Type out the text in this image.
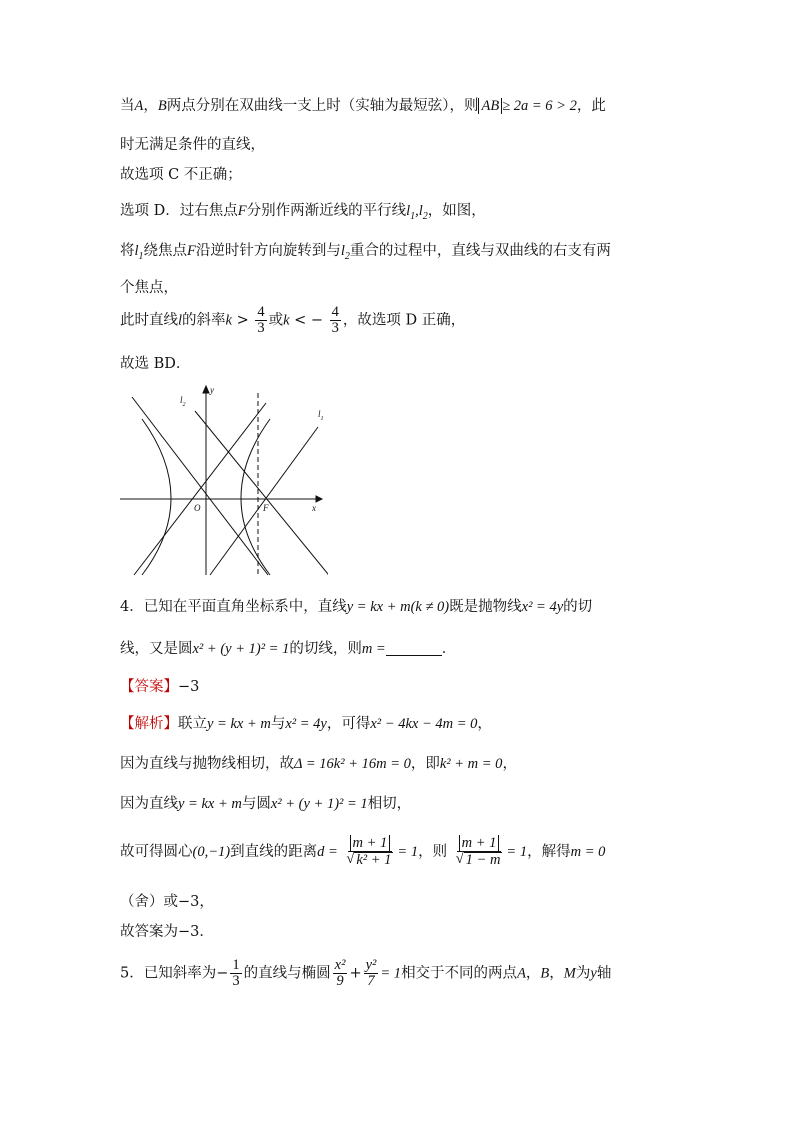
当A，B两点分别在双曲线一支上时（实轴为最短弦），则 AB ≥ 2a = 6 > 2，此
时无满足条件的直线，
故选项 C 不正确；
选项 D．过右焦点F分别作两渐近线的平行线$l_1,l_2$，如图，
将$l_1$绕焦点F沿逆时针方向旋转到与$l_2$重合的过程中，直线与双曲线的右支有两
个焦点，
此时直线l的斜率$k > \frac{4}{3}$ 或k < − $\frac{4}{3}$ ，故选项 D 正确，
故选 BD．
y
x
O	F
$l_1$
$l_2$
4．已知在平面直角坐标系中，直线y = kx + m(k ≠ 0)既是抛物线x² = 4y的切
线，又是圆x² + (y + 1)² = 1的切线，则m =	．
【答案】−3
【解析】联立y = kx + m与x² = 4y，可得x² − 4kx − 4m = 0，
因为直线与抛物线相切，故Δ = 16k² + 16m = 0，即k² + m = 0，
因为直线y = kx + m与圆x² + (y + 1)² = 1相切，
故可得圆心(0,−1)到直线的距离$d = \frac{m + 1}{\text{√ k² + 1}} = 1$，则 $\frac{m + 1}{√ 1 - m} = 1$，解得m = 0
（舍）或−3，
故答案为−3．
5．已知斜率为− $\frac{1}{3}$ 的直线与椭圆 $\frac{\text{x²}}{9} + \frac{\text{y²}}{7} = 1$相交于不同的两点A，B，M为y轴
